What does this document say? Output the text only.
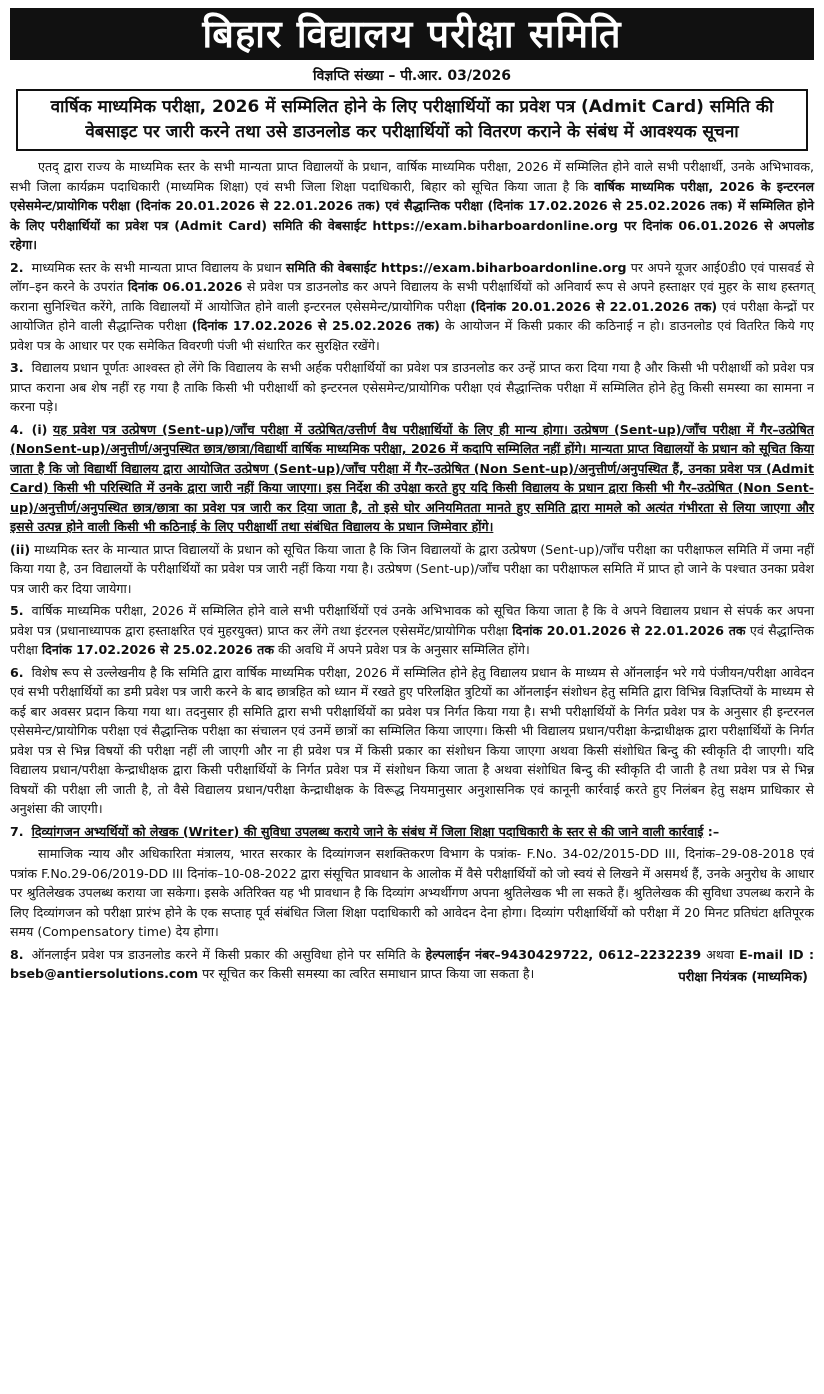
बिहार विद्यालय परीक्षा समिति
विज्ञप्ति संख्या – पी.आर. 03/2026
वार्षिक माध्यमिक परीक्षा, 2026 में सम्मिलित होने के लिए परीक्षार्थियों का प्रवेश पत्र (Admit Card) समिति की वेबसाइट पर जारी करने तथा उसे डाउनलोड कर परीक्षार्थियों को वितरण कराने के संबंध में आवश्यक सूचना

एतद् द्वारा राज्य के माध्यमिक स्तर के सभी मान्यता प्राप्त विद्यालयों के प्रधान, वार्षिक माध्यमिक परीक्षा, 2026 में सम्मिलित होने वाले सभी परीक्षार्थी, उनके अभिभावक, सभी जिला कार्यक्रम पदाधिकारी (माध्यमिक शिक्षा) एवं सभी जिला शिक्षा पदाधिकारी, बिहार को सूचित किया जाता है कि वार्षिक माध्यमिक परीक्षा, 2026 के इन्टरनल एसेसमेन्ट/प्रायोगिक परीक्षा (दिनांक 20.01.2026 से 22.01.2026 तक) एवं सैद्धान्तिक परीक्षा (दिनांक 17.02.2026 से 25.02.2026 तक) में सम्मिलित होने के लिए परीक्षार्थियों का प्रवेश पत्र (Admit Card) समिति की वेबसाईट https://exam.biharboardonline.org पर दिनांक 06.01.2026 से अपलोड रहेगा।

2. माध्यमिक स्तर के सभी मान्यता प्राप्त विद्यालय के प्रधान समिति की वेबसाईट https://exam.biharboardonline.org पर अपने यूजर आई0डी0 एवं पासवर्ड से लॉग–इन करने के उपरांत दिनांक 06.01.2026 से प्रवेश पत्र डाउनलोड कर अपने विद्यालय के सभी परीक्षार्थियों को अनिवार्य रूप से अपने हस्ताक्षर एवं मुहर के साथ हस्तगत् कराना सुनिश्चित करेंगे, ताकि विद्यालयों में आयोजित होने वाली इन्टरनल एसेसमेन्ट/प्रायोगिक परीक्षा (दिनांक 20.01.2026 से 22.01.2026 तक) एवं परीक्षा केन्द्रों पर आयोजित होने वाली सैद्धान्तिक परीक्षा (दिनांक 17.02.2026 से 25.02.2026 तक) के आयोजन में किसी प्रकार की कठिनाई न हो। डाउनलोड एवं वितरित किये गए प्रवेश पत्र के आधार पर एक समेकित विवरणी पंजी भी संधारित कर सुरक्षित रखेंगे।

3. विद्यालय प्रधान पूर्णतः आश्वस्त हो लेंगे कि विद्यालय के सभी अर्हक परीक्षार्थियों का प्रवेश पत्र डाउनलोड कर उन्हें प्राप्त करा दिया गया है और किसी भी परीक्षार्थी को प्रवेश पत्र प्राप्त कराना अब शेष नहीं रह गया है ताकि किसी भी परीक्षार्थी को इन्टरनल एसेसमेन्ट/प्रायोगिक परीक्षा एवं सैद्धान्तिक परीक्षा में सम्मिलित होने हेतु किसी समस्या का सामना न करना पड़े।

4. (i) यह प्रवेश पत्र उत्प्रेषण (Sent-up)/जाँच परीक्षा में उत्प्रेषित/उत्तीर्ण वैध परीक्षार्थियों के लिए ही मान्य होगा। उत्प्रेषण (Sent-up)/जाँच परीक्षा में गैर–उत्प्रेषित (NonSent-up)/अनुत्तीर्ण/अनुपस्थित छात्र/छात्रा/विद्यार्थी वार्षिक माध्यमिक परीक्षा, 2026 में कदापि सम्मिलित नहीं होंगे। मान्यता प्राप्त विद्यालयों के प्रधान को सूचित किया जाता है कि जो विद्यार्थी विद्यालय द्वारा आयोजित उत्प्रेषण (Sent-up)/जाँच परीक्षा में गैर–उत्प्रेषित (Non Sent-up)/अनुत्तीर्ण/अनुपस्थित हैं, उनका प्रवेश पत्र (Admit Card) किसी भी परिस्थिति में उनके द्वारा जारी नहीं किया जाएगा। इस निर्देश की उपेक्षा करते हुए यदि किसी विद्यालय के प्रधान द्वारा किसी भी गैर–उत्प्रेषित (Non Sent-up)/अनुत्तीर्ण/अनुपस्थित छात्र/छात्रा का प्रवेश पत्र जारी कर दिया जाता है, तो इसे घोर अनियमितता मानते हुए समिति द्वारा मामले को अत्यंत गंभीरता से लिया जाएगा और इससे उत्पन्न होने वाली किसी भी कठिनाई के लिए परीक्षार्थी तथा संबंधित विद्यालय के प्रधान जिम्मेवार होंगे।

(ii) माध्यमिक स्तर के मान्यात प्राप्त विद्यालयों के प्रधान को सूचित किया जाता है कि जिन विद्यालयों के द्वारा उत्प्रेषण (Sent-up)/जाँच परीक्षा का परीक्षाफल समिति में जमा नहीं किया गया है, उन विद्यालयों के परीक्षार्थियों का प्रवेश पत्र जारी नहीं किया गया है। उत्प्रेषण (Sent-up)/जाँच परीक्षा का परीक्षाफल समिति में प्राप्त हो जाने के पश्चात उनका प्रवेश पत्र जारी कर दिया जायेगा।

5. वार्षिक माध्यमिक परीक्षा, 2026 में सम्मिलित होने वाले सभी परीक्षार्थियों एवं उनके अभिभावक को सूचित किया जाता है कि वे अपने विद्यालय प्रधान से संपर्क कर अपना प्रवेश पत्र (प्रधानाध्यापक द्वारा हस्ताक्षरित एवं मुहरयुक्त) प्राप्त कर लेंगे तथा इंटरनल एसेसमेंट/प्रायोगिक परीक्षा दिनांक 20.01.2026 से 22.01.2026 तक एवं सैद्धान्तिक परीक्षा दिनांक 17.02.2026 से 25.02.2026 तक की अवधि में अपने प्रवेश पत्र के अनुसार सम्मिलित होंगे।

6. विशेष रूप से उल्लेखनीय है कि समिति द्वारा वार्षिक माध्यमिक परीक्षा, 2026 में सम्मिलित होने हेतु विद्यालय प्रधान के माध्यम से ऑनलाईन भरे गये पंजीयन/परीक्षा आवेदन एवं सभी परीक्षार्थियों का डमी प्रवेश पत्र जारी करने के बाद छात्रहित को ध्यान में रखते हुए परिलक्षित त्रुटियों का ऑनलाईन संशोधन हेतु समिति द्वारा विभिन्न विज्ञप्तियों के माध्यम से कई बार अवसर प्रदान किया गया था। तदनुसार ही समिति द्वारा सभी परीक्षार्थियों का प्रवेश पत्र निर्गत किया गया है। सभी परीक्षार्थियों के निर्गत प्रवेश पत्र के अनुसार ही इन्टरनल एसेसमेन्ट/प्रायोगिक परीक्षा एवं सैद्धान्तिक परीक्षा का संचालन एवं उनमें छात्रों का सम्मिलित किया जाएगा। किसी भी विद्यालय प्रधान/परीक्षा केन्द्राधीक्षक द्वारा परीक्षार्थियों के निर्गत प्रवेश पत्र से भिन्न विषयों की परीक्षा नहीं ली जाएगी और ना ही प्रवेश पत्र में किसी प्रकार का संशोधन किया जाएगा अथवा किसी संशोधित बिन्दु की स्वीकृति दी जाएगी। यदि विद्यालय प्रधान/परीक्षा केन्द्राधीक्षक द्वारा किसी परीक्षार्थियों के निर्गत प्रवेश पत्र में संशोधन किया जाता है अथवा संशोधित बिन्दु की स्वीकृति दी जाती है तथा प्रवेश पत्र से भिन्न विषयों की परीक्षा ली जाती है, तो वैसे विद्यालय प्रधान/परीक्षा केन्द्राधीक्षक के विरूद्ध नियमानुसार अनुशासनिक एवं कानूनी कार्रवाई करते हुए निलंबन हेतु सक्षम प्राधिकार से अनुशंसा की जाएगी।

7. दिव्यांगजन अभ्यर्थियों को लेखक (Writer) की सुविधा उपलब्ध कराये जाने के संबंध में जिला शिक्षा पदाधिकारी के स्तर से की जाने वाली कार्रवाई :–

सामाजिक न्याय और अधिकारिता मंत्रालय, भारत सरकार के दिव्यांगजन सशक्तिकरण विभाग के पत्रांक- F.No. 34-02/2015-DD III, दिनांक–29-08-2018 एवं पत्रांक F.No.29-06/2019-DD III दिनांक–10-08-2022 द्वारा संसूचित प्रावधान के आलोक में वैसे परीक्षार्थियों को जो स्वयं से लिखने में असमर्थ हैं, उनके अनुरोध के आधार पर श्रुतिलेखक उपलब्ध कराया जा सकेगा। इसके अतिरिक्त यह भी प्रावधान है कि दिव्यांग अभ्यर्थीगण अपना श्रुतिलेखक भी ला सकते हैं। श्रुतिलेखक की सुविधा उपलब्ध कराने के लिए दिव्यांगजन को परीक्षा प्रारंभ होने के एक सप्ताह पूर्व संबंधित जिला शिक्षा पदाधिकारी को आवेदन देना होगा। दिव्यांग परीक्षार्थियों को परीक्षा में 20 मिनट प्रतिघंटा क्षतिपूरक समय (Compensatory time) देय होगा।

8. ऑनलाईन प्रवेश पत्र डाउनलोड करने में किसी प्रकार की असुविधा होने पर समिति के हेल्पलाईन नंबर–9430429722, 0612–2232239 अथवा E-mail ID : bseb@antiersolutions.com पर सूचित कर किसी समस्या का त्वरित समाधान प्राप्त किया जा सकता है।	परीक्षा नियंत्रक (माध्यमिक)
